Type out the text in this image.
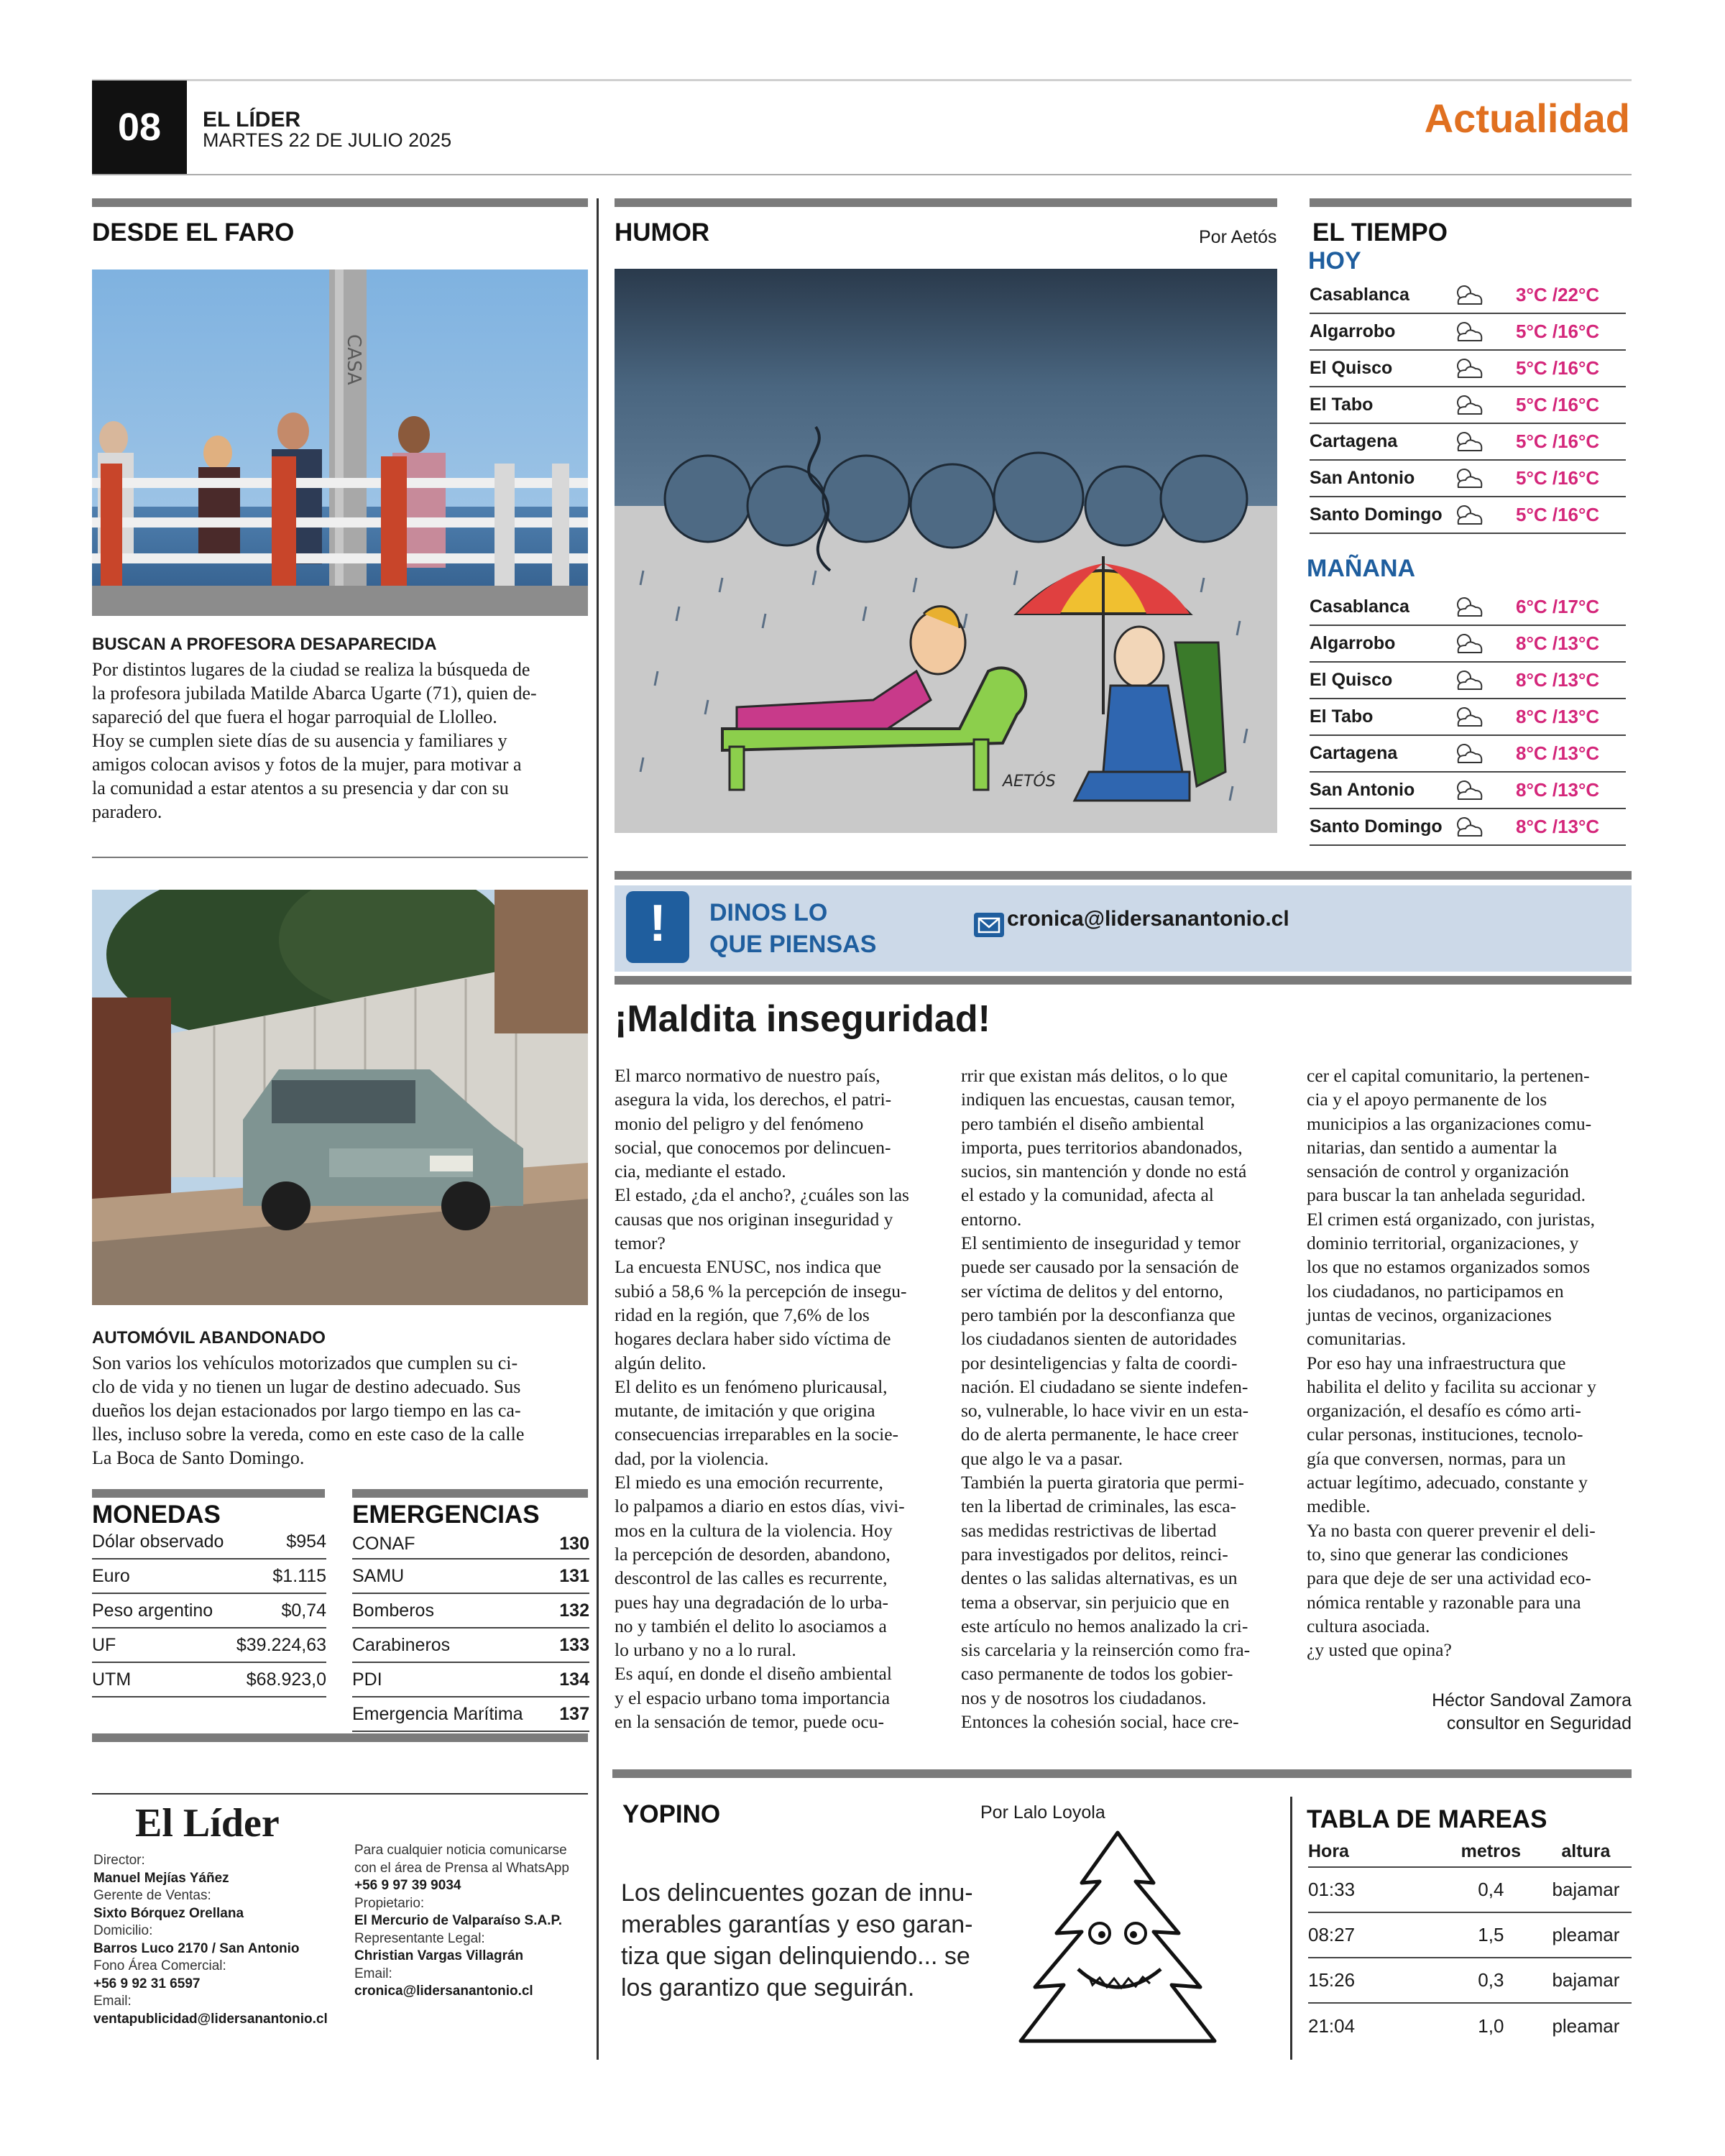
08	EL LÍDER
MARTES 22 DE JULIO 2025	Actualidad
DESDE EL FARO
CASA
BUSCAN A PROFESORA DESAPARECIDA
Por distintos lugares de la ciudad se realiza la búsqueda de
la profesora jubilada Matilde Abarca Ugarte (71), quien de-
sapareció del que fuera el hogar parroquial de Llolleo.
Hoy se cumplen siete días de su ausencia y familiares y
amigos colocan avisos y fotos de la mujer, para motivar a
la comunidad a estar atentos a su presencia y dar con su
paradero.
AUTOMÓVIL ABANDONADO
Son varios los vehículos motorizados que cumplen su ci-
clo de vida y no tienen un lugar de destino adecuado. Sus
dueños los dejan estacionados por largo tiempo en las ca-
lles, incluso sobre la vereda, como en este caso de la calle
La Boca de Santo Domingo.
MONEDAS
Dólar observado	$954
Euro	$1.115
Peso argentino	$0,74
UF	$39.224,63
UTM	$68.923,0
EMERGENCIAS
CONAF	130
SAMU	131
Bomberos	132
Carabineros	133
PDI	134
Emergencia Marítima 137
HUMOR	Por Aetós
AETÓS
EL TIEMPO
HOY
Casablanca	3°C /22°C
Algarrobo	5°C /16°C
El Quisco	5°C /16°C
El Tabo	5°C /16°C
Cartagena	5°C /16°C
San Antonio	5°C /16°C
Santo Domingo	5°C /16°C
MAÑANA
Casablanca	6°C /17°C
Algarrobo	8°C /13°C
El Quisco	8°C /13°C
El Tabo	8°C /13°C
Cartagena	8°C /13°C
San Antonio	8°C /13°C
Santo Domingo	8°C /13°C
!	DINOS LO
QUE PIENSAS
cronica@lidersanantonio.cl
¡Maldita inseguridad!

El marco normativo de nuestro país,

asegura la vida, los derechos, el patri-

monio del peligro y del fenómeno

social, que conocemos por delincuen-

cia, mediante el estado.

El estado, ¿da el ancho?, ¿cuáles son las

causas que nos originan inseguridad y

temor?

La encuesta ENUSC, nos indica que

subió a 58,6 % la percepción de insegu-

ridad en la región, que 7,6% de los

hogares declara haber sido víctima de

algún delito.

El delito es un fenómeno pluricausal,

mutante, de imitación y que origina

consecuencias irreparables en la socie-

dad, por la violencia.

El miedo es una emoción recurrente,

lo palpamos a diario en estos días, vivi-

mos en la cultura de la violencia. Hoy

la percepción de desorden, abandono,

descontrol de las calles es recurrente,

pues hay una degradación de lo urba-

no y también el delito lo asociamos a

lo urbano y no a lo rural.

Es aquí, en donde el diseño ambiental

y el espacio urbano toma importancia

en la sensación de temor, puede ocu-

rrir que existan más delitos, o lo que

indiquen las encuestas, causan temor,

pero también el diseño ambiental

importa, pues territorios abandonados,

sucios, sin mantención y donde no está

el estado y la comunidad, afecta al

entorno.

El sentimiento de inseguridad y temor

puede ser causado por la sensación de

ser víctima de delitos y del entorno,

pero también por la desconfianza que

los ciudadanos sienten de autoridades

por desinteligencias y falta de coordi-

nación. El ciudadano se siente indefen-

so, vulnerable, lo hace vivir en un esta-

do de alerta permanente, le hace creer

que algo le va a pasar.

También la puerta giratoria que permi-

ten la libertad de criminales, las esca-

sas medidas restrictivas de libertad

para investigados por delitos, reinci-

dentes o las salidas alternativas, es un

tema a observar, sin perjuicio que en

este artículo no hemos analizado la cri-

sis carcelaria y la reinserción como fra-

caso permanente de todos los gobier-

nos y de nosotros los ciudadanos.

Entonces la cohesión social, hace cre-

cer el capital comunitario, la pertenen-

cia y el apoyo permanente de los

municipios a las organizaciones comu-

nitarias, dan sentido a aumentar la

sensación de control y organización

para buscar la tan anhelada seguridad.

El crimen está organizado, con juristas,

dominio territorial, organizaciones, y

los que no estamos organizados somos

los ciudadanos, no participamos en

juntas de vecinos, organizaciones

comunitarias.

Por eso hay una infraestructura que

habilita el delito y facilita su accionar y

organización, el desafío es cómo arti-

cular personas, instituciones, tecnolo-

gía que conversen, normas, para un

actuar legítimo, adecuado, constante y

medible.

Ya no basta con querer prevenir el deli-

to, sino que generar las condiciones

para que deje de ser una actividad eco-

nómica rentable y razonable para una

cultura asociada.

¿y usted que opina?

Héctor Sandoval Zamora
consultor en Seguridad
YOPINO	Por Lalo Loyola
Los delincuentes gozan de innu-
merables garantías y eso garan-
tiza que sigan delinquiendo... se
los garantizo que seguirán.
TABLA DE MAREAS
Hora	metros	altura
01:33	0,4	bajamar
08:27	1,5	pleamar
15:26	0,3	bajamar
21:04	1,0	pleamar
El Líder
Director:
Manuel Mejías Yáñez
Gerente de Ventas:
Sixto Bórquez Orellana
Domicilio:
Barros Luco 2170 / San Antonio
Fono Área Comercial:
+56 9 92 31 6597
Email:
ventapublicidad@lidersanantonio.cl
Para cualquier noticia comunicarse
con el área de Prensa al WhatsApp
+56 9 97 39 9034
Propietario:
El Mercurio de Valparaíso S.A.P.
Representante Legal:
Christian Vargas Villagrán
Email:
cronica@lidersanantonio.cl
